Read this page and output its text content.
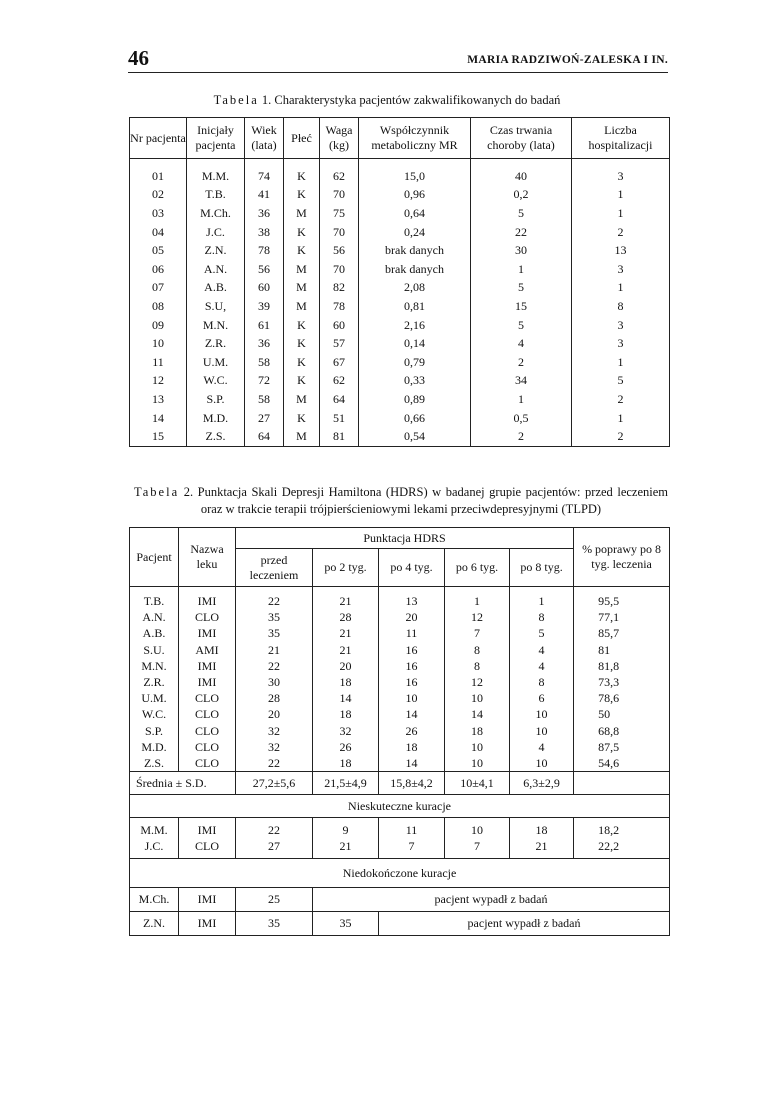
46	MARIA RADZIWOŃ-ZALESKA I IN.
Tabela 1. Charakterystyka pacjentów zakwalifikowanych do badań
Nr pacjenta	Inicjały pacjenta	Wiek (lata)	Płeć	Waga (kg)	Współczynnik metaboliczny MR	Czas trwania choroby (lata)	Liczba hospitalizacji
01	M.M.	74	K	62	15,0	40	3
02	T.B.	41	K	70	0,96	0,2	1
03	M.Ch.	36	M	75	0,64	5	1
04	J.C.	38	K	70	0,24	22	2
05	Z.N.	78	K	56	brak danych	30	13
06	A.N.	56	M	70	brak danych	1	3
07	A.B.	60	M	82	2,08	5	1
08	S.U,	39	M	78	0,81	15	8
09	M.N.	61	K	60	2,16	5	3
10	Z.R.	36	K	57	0,14	4	3
11	U.M.	58	K	67	0,79	2	1
12	W.C.	72	K	62	0,33	34	5
13	S.P.	58	M	64	0,89	1	2
14	M.D.	27	K	51	0,66	0,5	1
15	Z.S.	64	M	81	0,54	2	2
Tabela 2. Punktacja Skali Depresji Hamiltona (HDRS) w badanej grupie pacjentów: przed leczeniem oraz w trakcie terapii trójpierścieniowymi lekami przeciwdepresyjnymi (TLPD)
Pacjent	Nazwa leku	Punktacja HDRS					% poprawy po 8 tyg. leczenia
		przed leczeniem	po 2 tyg.	po 4 tyg.	po 6 tyg.	po 8 tyg.	
T.B.	IMI	22	21	13	1	1	95,5
A.N.	CLO	35	28	20	12	8	77,1
A.B.	IMI	35	21	11	7	5	85,7
S.U.	AMI	21	21	16	8	4	81
M.N.	IMI	22	20	16	8	4	81,8
Z.R.	IMI	30	18	16	12	8	73,3
U.M.	CLO	28	14	10	10	6	78,6
W.C.	CLO	20	18	14	14	10	50
S.P.	CLO	32	32	26	18	10	68,8
M.D.	CLO	32	26	18	10	4	87,5
Z.S.	CLO	22	18	14	10	10	54,6
Średnia ± S.D.		27,2±5,6	21,5±4,9	15,8±4,2	10±4,1	6,3±2,9	
Nieskuteczne kuracje							
M.M.	IMI	22	9	11	10	18	18,2
J.C.	CLO	27	21	7	7	21	22,2
Niedokończone kuracje							
M.Ch.	IMI	25	pacjent wypadł z badań				
Z.N.	IMI	35	35	pacjent wypadł z badań			
